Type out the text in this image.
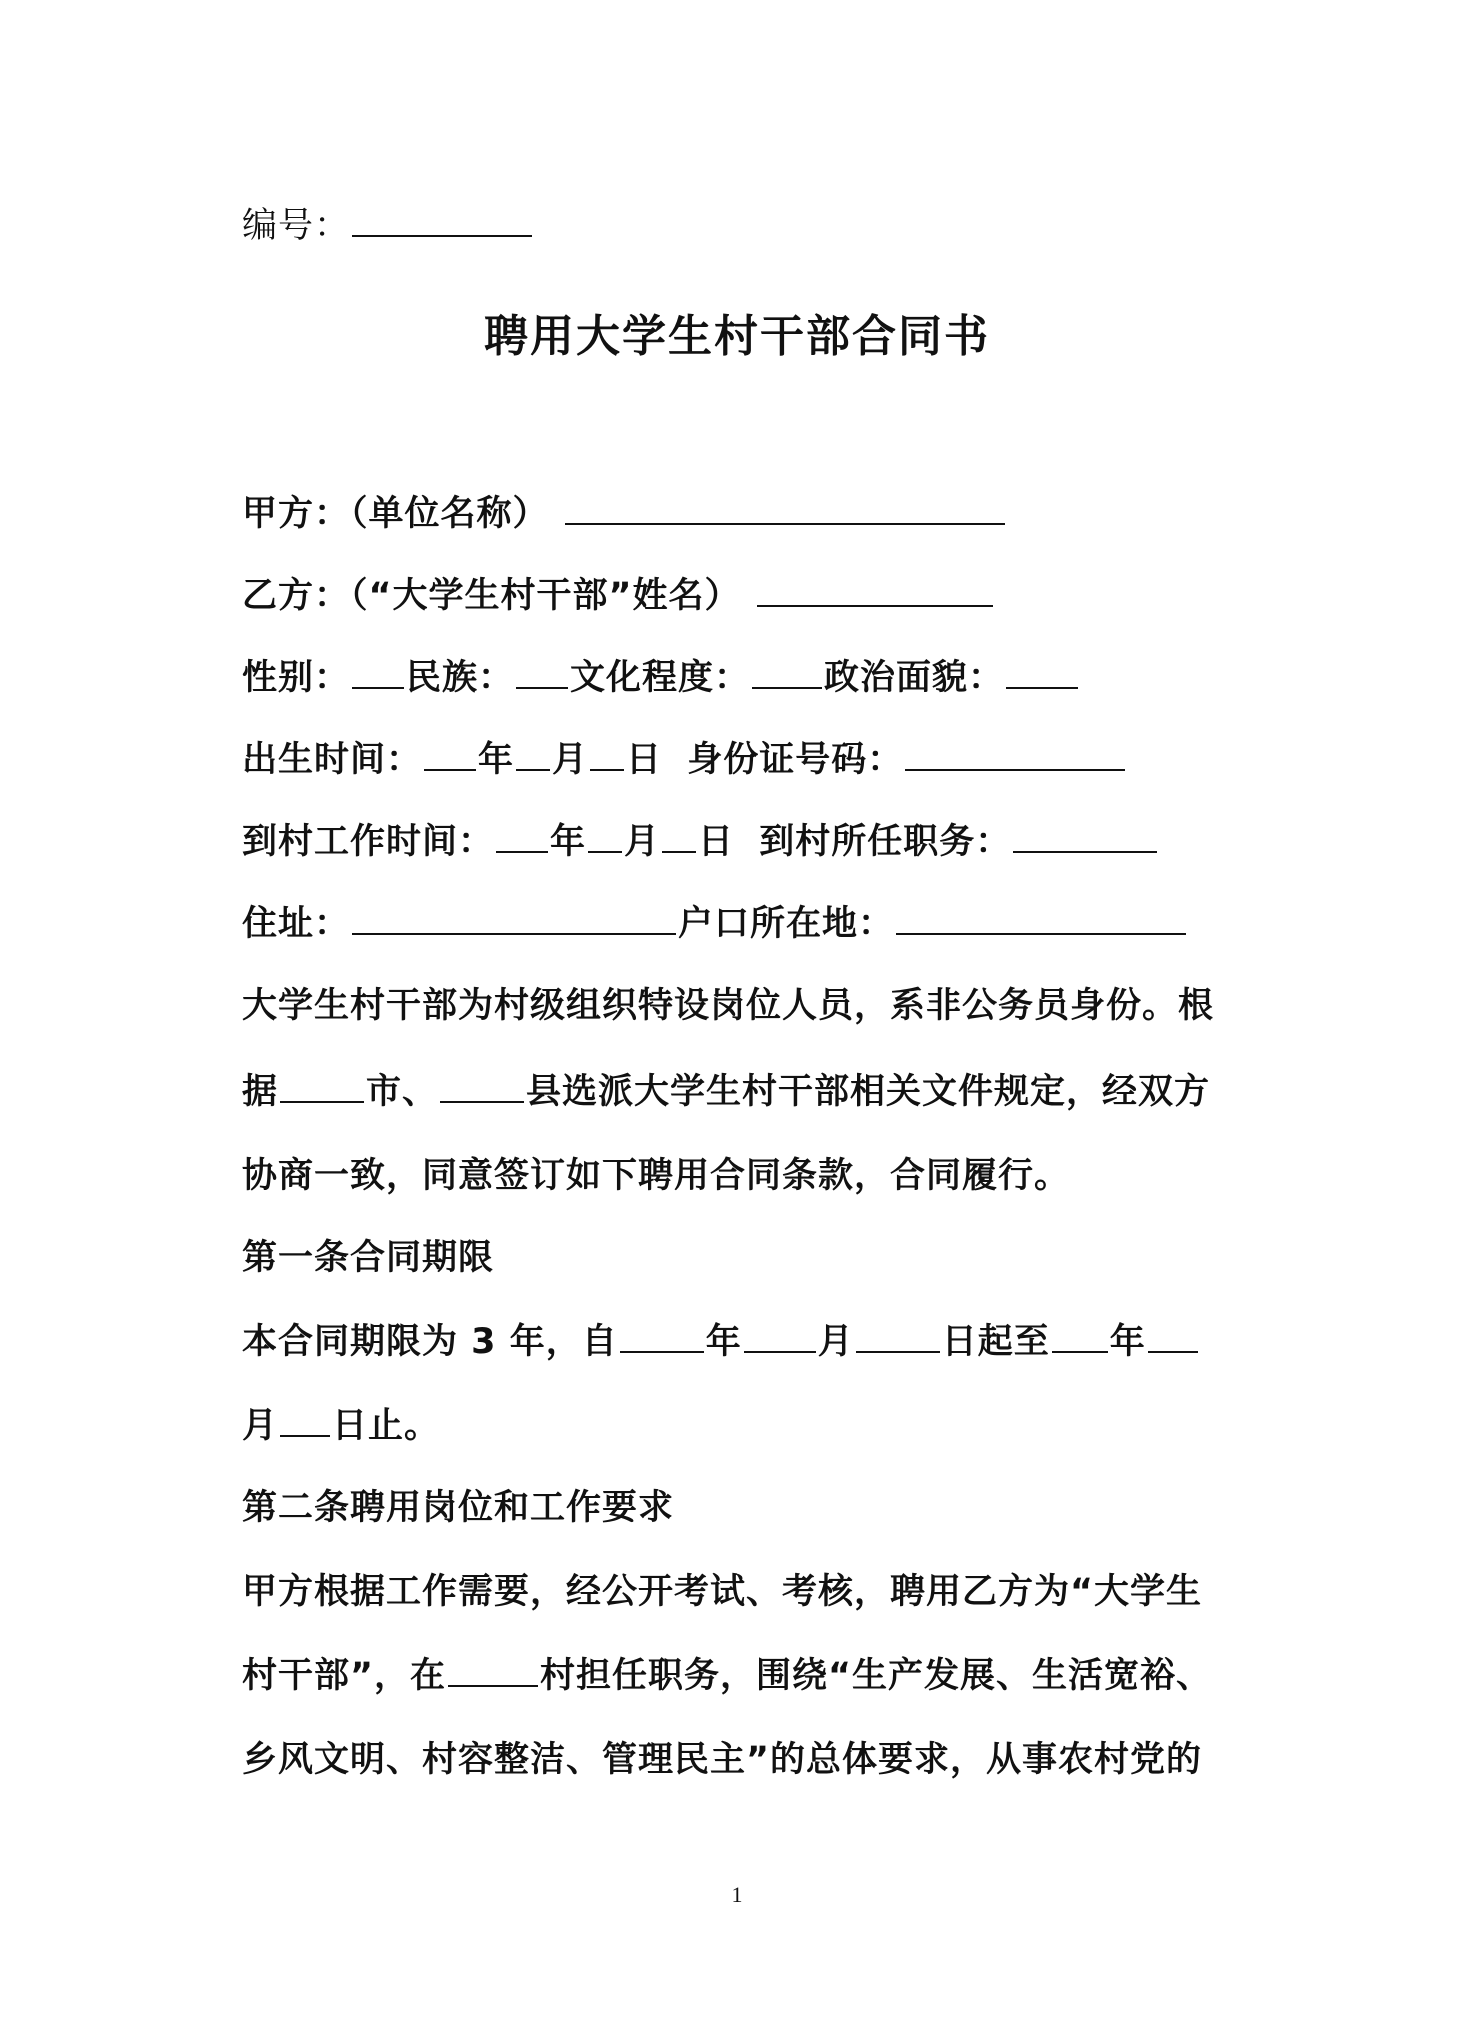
编号：
聘用大学生村干部合同书
甲方：（单位名称）
乙方：（“大学生村干部”姓名）
性别： 民族： 文化程度： 政治面貌：
出生时间： 年 月 日 身份证号码：
到村工作时间： 年 月 日 到村所任职务：
住址：	户口所在地：
大学生村干部为村级组织特设岗位人员，系非公务员身份。根
据	市、	县选派大学生村干部相关文件规定，经双方
协商一致，同意签订如下聘用合同条款，合同履行。
第一条合同期限
本合同期限为 3 年，自	年 月	日起至 年
月 日止。
第二条聘用岗位和工作要求
甲方根据工作需要，经公开考试、考核，聘用乙方为“大学生
村干部”，在	村担任职务，围绕“生产发展、生活宽裕、
乡风文明、村容整洁、管理民主”的总体要求，从事农村党的
1
